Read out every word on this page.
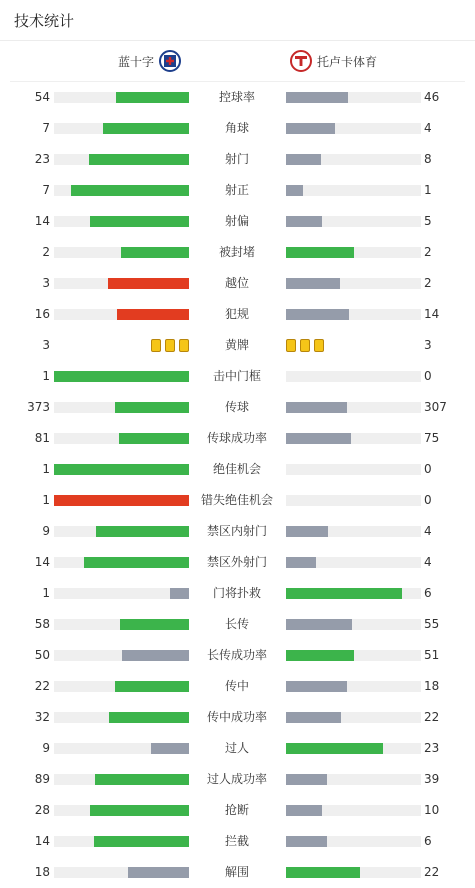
技术统计
蓝十字	托卢卡体育
54	控球率	46
7	角球	4
23	射门	8
7	射正	1
14	射偏	5
2	被封堵	2
3	越位	2
16	犯规	14
3	黄牌	3
1	击中门框	0
373	传球	307
81	传球成功率	75
1	绝佳机会	0
1	错失绝佳机会	0
9	禁区内射门	4
14	禁区外射门	4
1	门将扑救	6
58	长传	55
50	长传成功率	51
22	传中	18
32	传中成功率	22
9	过人	23
89	过人成功率	39
28	抢断	10
14	拦截	6
18	解围	22
